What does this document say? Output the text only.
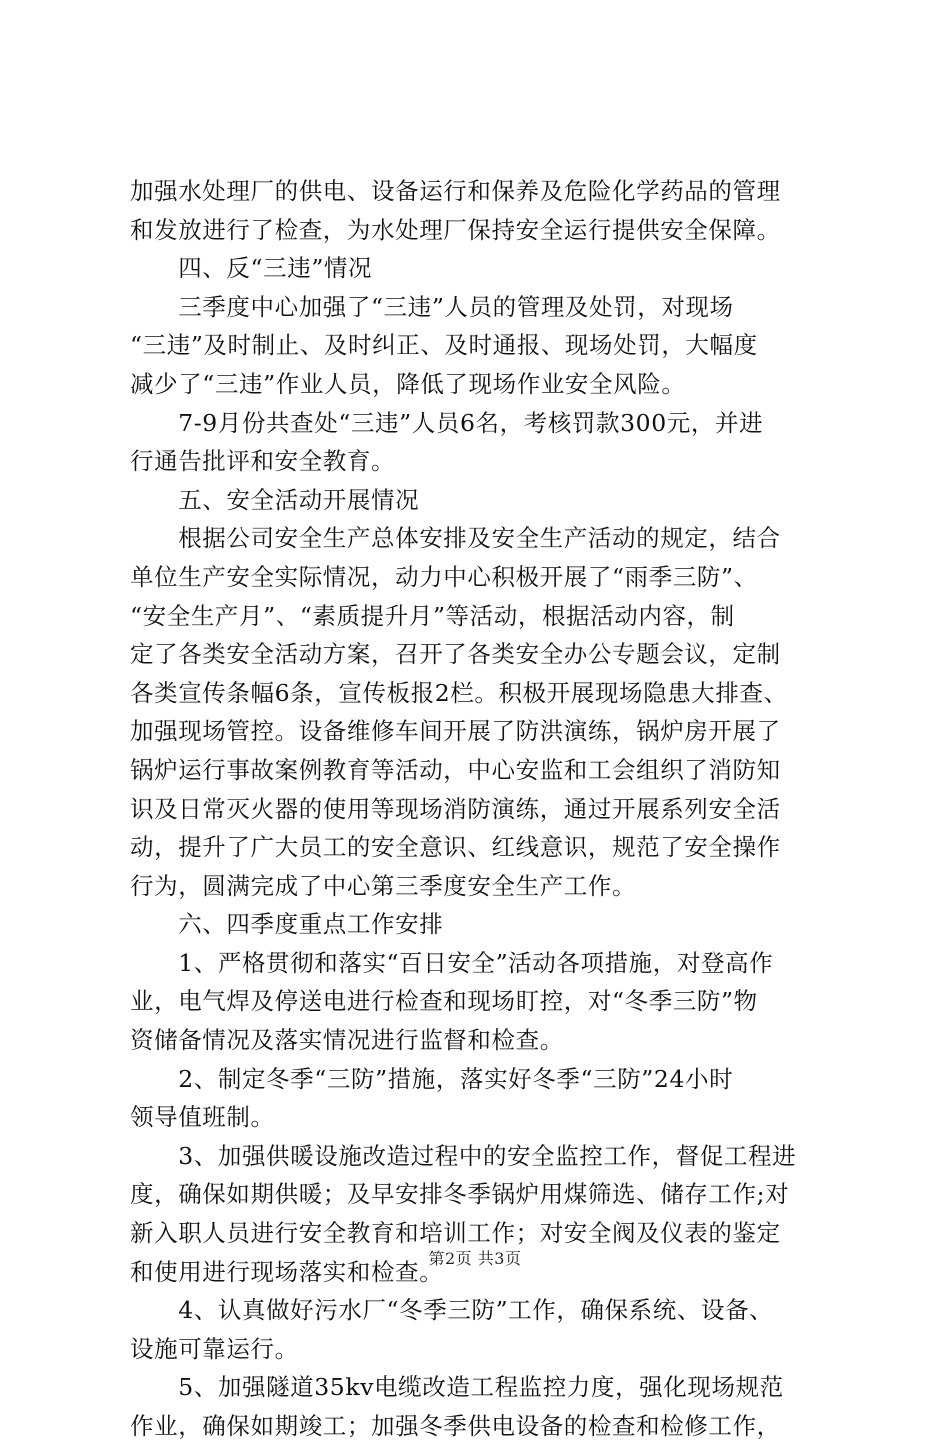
加强水处理厂的供电、设备运行和保养及危险化学药品的管理
和发放进行了检查，为水处理厂保持安全运行提供安全保障。
　　四、反“三违”情况
　　三季度中心加强了“三违”人员的管理及处罚，对现场
“三违”及时制止、及时纠正、及时通报、现场处罚，大幅度
减少了“三违”作业人员，降低了现场作业安全风险。
　　7-9月份共查处“三违”人员6名，考核罚款300元，并进
行通告批评和安全教育。
　　五、安全活动开展情况
　　根据公司安全生产总体安排及安全生产活动的规定，结合
单位生产安全实际情况，动力中心积极开展了“雨季三防”、
“安全生产月”、“素质提升月”等活动，根据活动内容，制
定了各类安全活动方案，召开了各类安全办公专题会议，定制
各类宣传条幅6条，宣传板报2栏。积极开展现场隐患大排查、
加强现场管控。设备维修车间开展了防洪演练，锅炉房开展了
锅炉运行事故案例教育等活动，中心安监和工会组织了消防知
识及日常灭火器的使用等现场消防演练，通过开展系列安全活
动，提升了广大员工的安全意识、红线意识，规范了安全操作
行为，圆满完成了中心第三季度安全生产工作。
　　六、四季度重点工作安排
　　1、严格贯彻和落实“百日安全”活动各项措施，对登高作
业，电气焊及停送电进行检查和现场盯控，对“冬季三防”物
资储备情况及落实情况进行监督和检查。
　　2、制定冬季“三防”措施，落实好冬季“三防”24小时
领导值班制。
　　3、加强供暖设施改造过程中的安全监控工作，督促工程进
度，确保如期供暖；及早安排冬季锅炉用煤筛选、储存工作;对
新入职人员进行安全教育和培训工作；对安全阀及仪表的鉴定
和使用进行现场落实和检查。
　　4、认真做好污水厂“冬季三防”工作，确保系统、设备、
设施可靠运行。
　　5、加强隧道35kv电缆改造工程监控力度，强化现场规范
作业，确保如期竣工；加强冬季供电设备的检查和检修工作，
第2页 共3页
